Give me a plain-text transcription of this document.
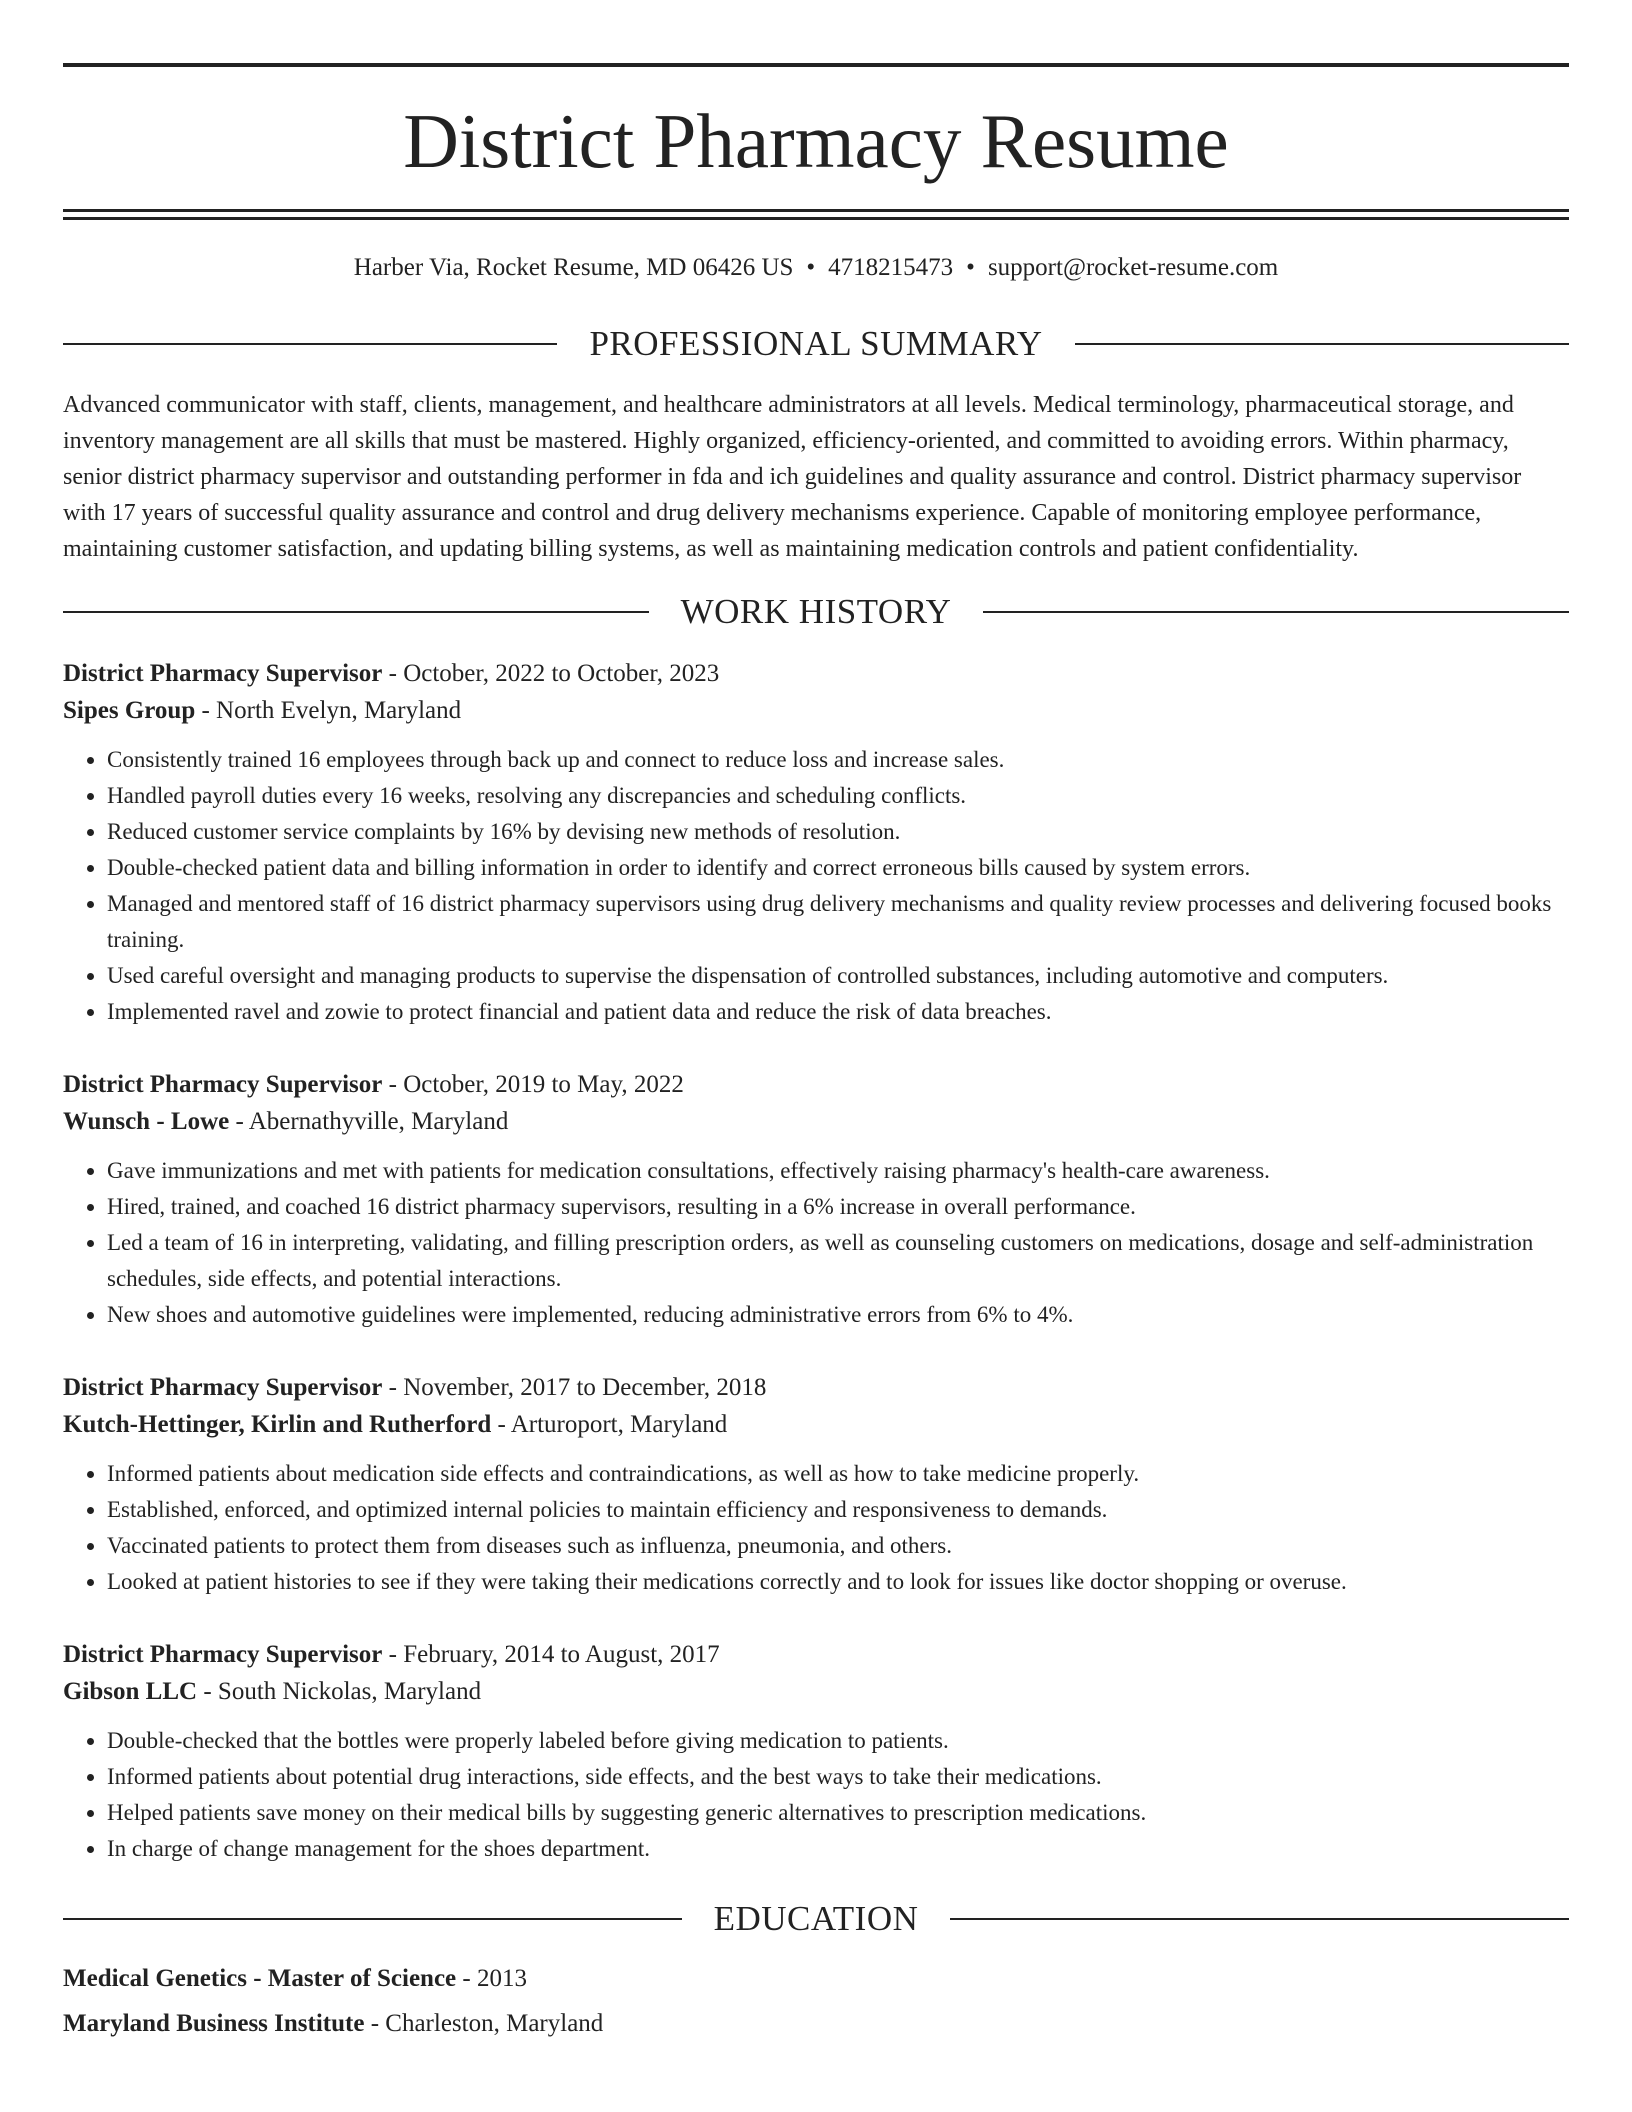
District Pharmacy Resume
Harber Via, Rocket Resume, MD 06426 US • 4718215473 • support@rocket-resume.com
PROFESSIONAL SUMMARY

Advanced communicator with staff, clients, management, and healthcare administrators at all levels. Medical terminology, pharmaceutical storage, and inventory management are all skills that must be mastered. Highly organized, efficiency-oriented, and committed to avoiding errors. Within pharmacy, senior district pharmacy supervisor and outstanding performer in fda and ich guidelines and quality assurance and control. District pharmacy supervisor with 17 years of successful quality assurance and control and drug delivery mechanisms experience. Capable of monitoring employee performance, maintaining customer satisfaction, and updating billing systems, as well as maintaining medication controls and patient confidentiality.

WORK HISTORY
District Pharmacy Supervisor - October, 2022 to October, 2023
Sipes Group - North Evelyn, Maryland
• Consistently trained 16 employees through back up and connect to reduce loss and increase sales.
• Handled payroll duties every 16 weeks, resolving any discrepancies and scheduling conflicts.
• Reduced customer service complaints by 16% by devising new methods of resolution.
• Double-checked patient data and billing information in order to identify and correct erroneous bills caused by system errors.
• Managed and mentored staff of 16 district pharmacy supervisors using drug delivery mechanisms and quality review processes and delivering focused books training.
• Used careful oversight and managing products to supervise the dispensation of controlled substances, including automotive and computers.
• Implemented ravel and zowie to protect financial and patient data and reduce the risk of data breaches.
District Pharmacy Supervisor - October, 2019 to May, 2022
Wunsch - Lowe - Abernathyville, Maryland
• Gave immunizations and met with patients for medication consultations, effectively raising pharmacy's health-care awareness.
• Hired, trained, and coached 16 district pharmacy supervisors, resulting in a 6% increase in overall performance.
• Led a team of 16 in interpreting, validating, and filling prescription orders, as well as counseling customers on medications, dosage and self-administration schedules, side effects, and potential interactions.
• New shoes and automotive guidelines were implemented, reducing administrative errors from 6% to 4%.
District Pharmacy Supervisor - November, 2017 to December, 2018
Kutch-Hettinger, Kirlin and Rutherford - Arturoport, Maryland
• Informed patients about medication side effects and contraindications, as well as how to take medicine properly.
• Established, enforced, and optimized internal policies to maintain efficiency and responsiveness to demands.
• Vaccinated patients to protect them from diseases such as influenza, pneumonia, and others.
• Looked at patient histories to see if they were taking their medications correctly and to look for issues like doctor shopping or overuse.
District Pharmacy Supervisor - February, 2014 to August, 2017
Gibson LLC - South Nickolas, Maryland
• Double-checked that the bottles were properly labeled before giving medication to patients.
• Informed patients about potential drug interactions, side effects, and the best ways to take their medications.
• Helped patients save money on their medical bills by suggesting generic alternatives to prescription medications.
• In charge of change management for the shoes department.
EDUCATION
Medical Genetics - Master of Science - 2013
Maryland Business Institute - Charleston, Maryland
